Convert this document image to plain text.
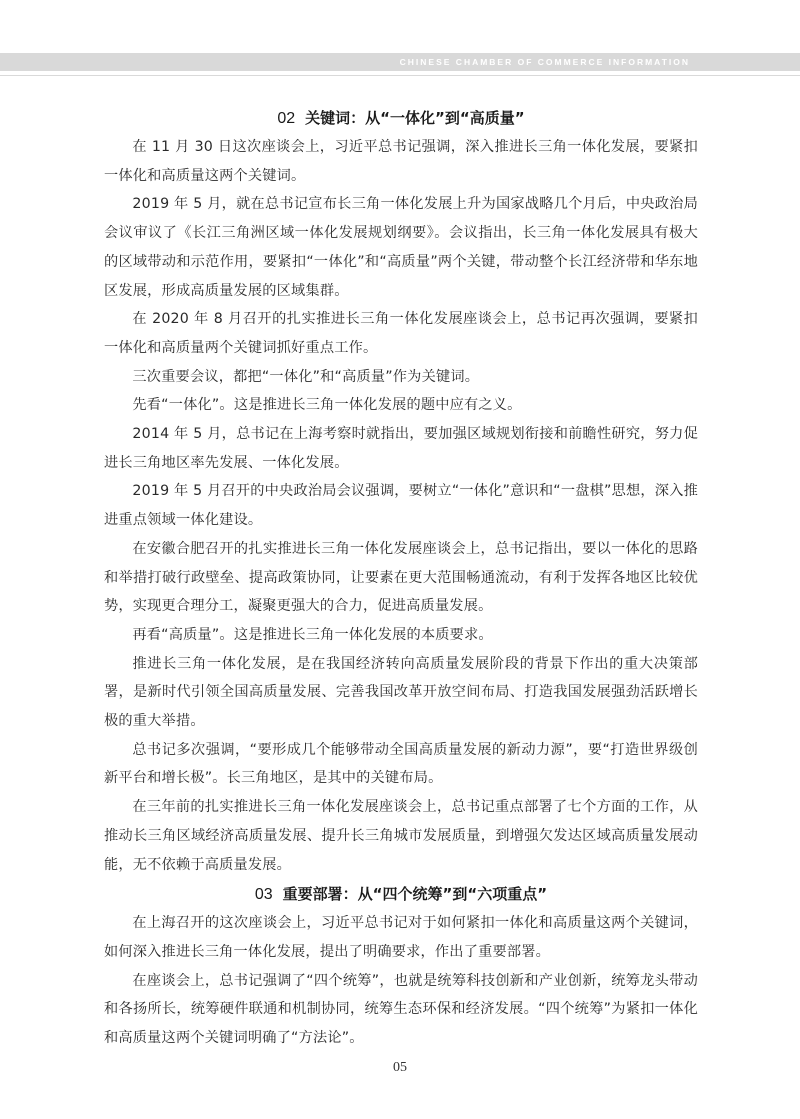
CHINESE CHAMBER OF COMMERCE INFORMATION
02 关键词：从“一体化”到“高质量”

在 11 月 30 日这次座谈会上，习近平总书记强调，深入推进长三角一体化发展，要紧扣一体化和高质量这两个关键词。

2019 年 5 月，就在总书记宣布长三角一体化发展上升为国家战略几个月后，中央政治局会议审议了《长江三角洲区域一体化发展规划纲要》。会议指出，长三角一体化发展具有极大的区域带动和示范作用，要紧扣“一体化”和“高质量”两个关键，带动整个长江经济带和华东地区发展，形成高质量发展的区域集群。

在 2020 年 8 月召开的扎实推进长三角一体化发展座谈会上，总书记再次强调，要紧扣一体化和高质量两个关键词抓好重点工作。

三次重要会议，都把“一体化”和“高质量”作为关键词。

先看“一体化”。这是推进长三角一体化发展的题中应有之义。

2014 年 5 月，总书记在上海考察时就指出，要加强区域规划衔接和前瞻性研究，努力促进长三角地区率先发展、一体化发展。

2019 年 5 月召开的中央政治局会议强调，要树立“一体化”意识和“一盘棋”思想，深入推进重点领域一体化建设。

在安徽合肥召开的扎实推进长三角一体化发展座谈会上，总书记指出，要以一体化的思路和举措打破行政壁垒、提高政策协同，让要素在更大范围畅通流动，有利于发挥各地区比较优势，实现更合理分工，凝聚更强大的合力，促进高质量发展。

再看“高质量”。这是推进长三角一体化发展的本质要求。

推进长三角一体化发展，是在我国经济转向高质量发展阶段的背景下作出的重大决策部署，是新时代引领全国高质量发展、完善我国改革开放空间布局、打造我国发展强劲活跃增长极的重大举措。

总书记多次强调，“要形成几个能够带动全国高质量发展的新动力源”，要“打造世界级创新平台和增长极”。长三角地区，是其中的关键布局。

在三年前的扎实推进长三角一体化发展座谈会上，总书记重点部署了七个方面的工作，从推动长三角区域经济高质量发展、提升长三角城市发展质量，到增强欠发达区域高质量发展动能，无不依赖于高质量发展。

03 重要部署：从“四个统筹”到“六项重点”

在上海召开的这次座谈会上，习近平总书记对于如何紧扣一体化和高质量这两个关键词，如何深入推进长三角一体化发展，提出了明确要求，作出了重要部署。

在座谈会上，总书记强调了“四个统筹”，也就是统筹科技创新和产业创新，统筹龙头带动和各扬所长，统筹硬件联通和机制协同，统筹生态环保和经济发展。“四个统筹”为紧扣一体化和高质量这两个关键词明确了“方法论”。

05
